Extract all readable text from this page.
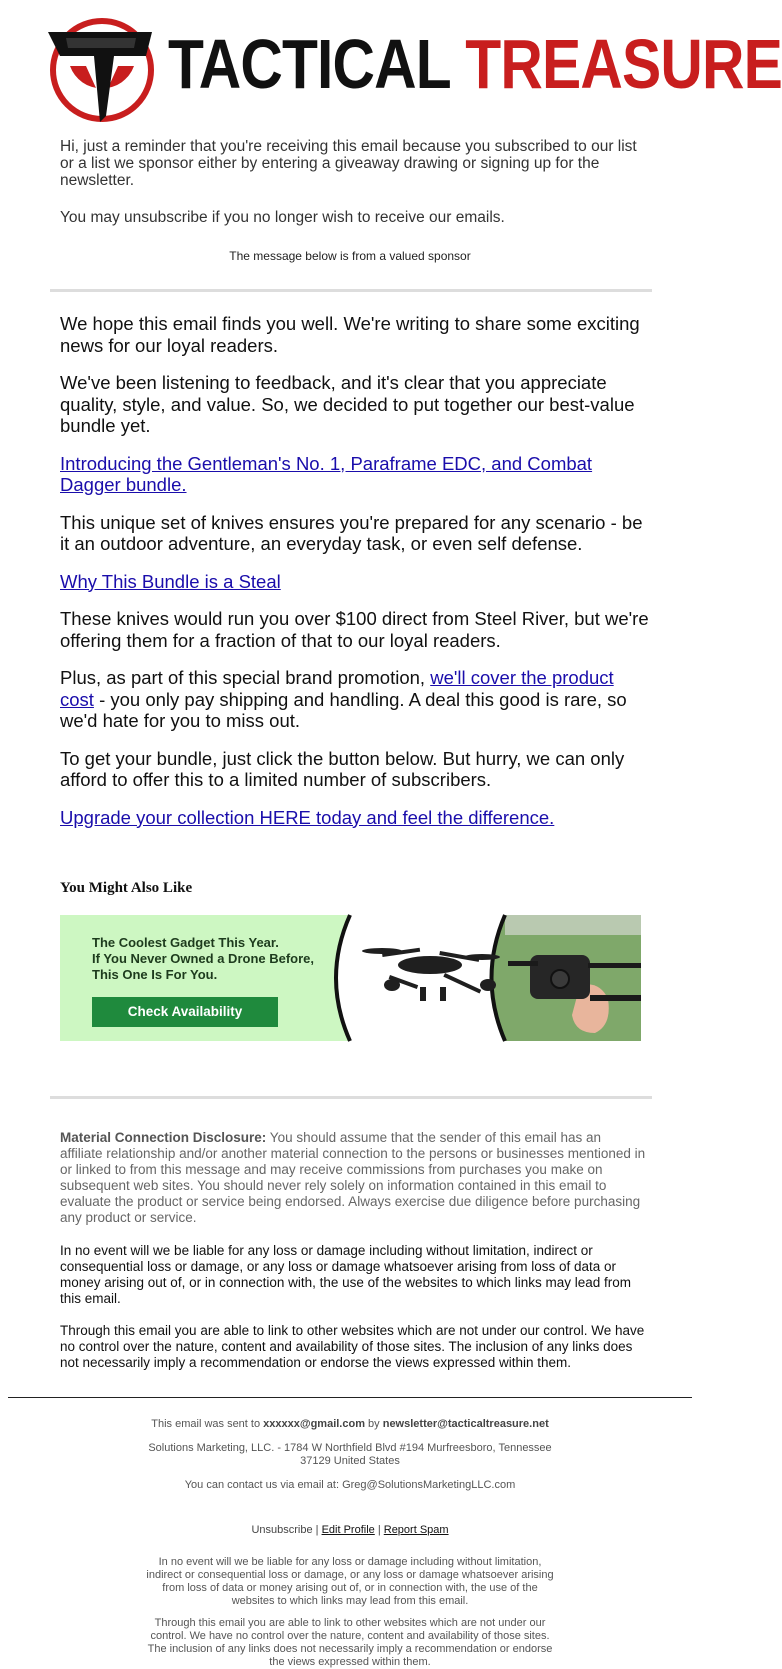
TACTICAL TREASURE

Hi, just a reminder that you're receiving this email because you subscribed to our list or a list we sponsor either by entering a giveaway drawing or signing up for the newsletter.

You may unsubscribe if you no longer wish to receive our emails.

The message below is from a valued sponsor

We hope this email finds you well. We're writing to share some exciting news for our loyal readers.

We've been listening to feedback, and it's clear that you appreciate quality, style, and value. So, we decided to put together our best-value bundle yet.

Introducing the Gentleman's No. 1, Paraframe EDC, and Combat Dagger bundle.

This unique set of knives ensures you're prepared for any scenario - be it an outdoor adventure, an everyday task, or even self defense.

Why This Bundle is a Steal

These knives would run you over $100 direct from Steel River, but we're offering them for a fraction of that to our loyal readers.

Plus, as part of this special brand promotion, we'll cover the product cost - you only pay shipping and handling. A deal this good is rare, so we'd hate for you to miss out.

To get your bundle, just click the button below. But hurry, we can only afford to offer this to a limited number of subscribers.

Upgrade your collection HERE today and feel the difference.

You Might Also Like
The Coolest Gadget This Year.
If You Never Owned a Drone Before,
This One Is For You.
Check Availability

Material Connection Disclosure: You should assume that the sender of this email has an affiliate relationship and/or another material connection to the persons or businesses mentioned in or linked to from this message and may receive commissions from purchases you make on subsequent web sites. You should never rely solely on information contained in this email to evaluate the product or service being endorsed. Always exercise due diligence before purchasing any product or service.

In no event will we be liable for any loss or damage including without limitation, indirect or consequential loss or damage, or any loss or damage whatsoever arising from loss of data or money arising out of, or in connection with, the use of the websites to which links may lead from this email.

Through this email you are able to link to other websites which are not under our control. We have no control over the nature, content and availability of those sites. The inclusion of any links does not necessarily imply a recommendation or endorse the views expressed within them.

This email was sent to xxxxxx@gmail.com by newsletter@tacticaltreasure.net
Solutions Marketing, LLC. - 1784 W Northfield Blvd #194 Murfreesboro, Tennessee 37129 United States
You can contact us via email at: Greg@SolutionsMarketingLLC.com
Unsubscribe | Edit Profile | Report Spam
In no event will we be liable for any loss or damage including without limitation, indirect or consequential loss or damage, or any loss or damage whatsoever arising from loss of data or money arising out of, or in connection with, the use of the websites to which links may lead from this email.
Through this email you are able to link to other websites which are not under our control. We have no control over the nature, content and availability of those sites. The inclusion of any links does not necessarily imply a recommendation or endorse the views expressed within them.
